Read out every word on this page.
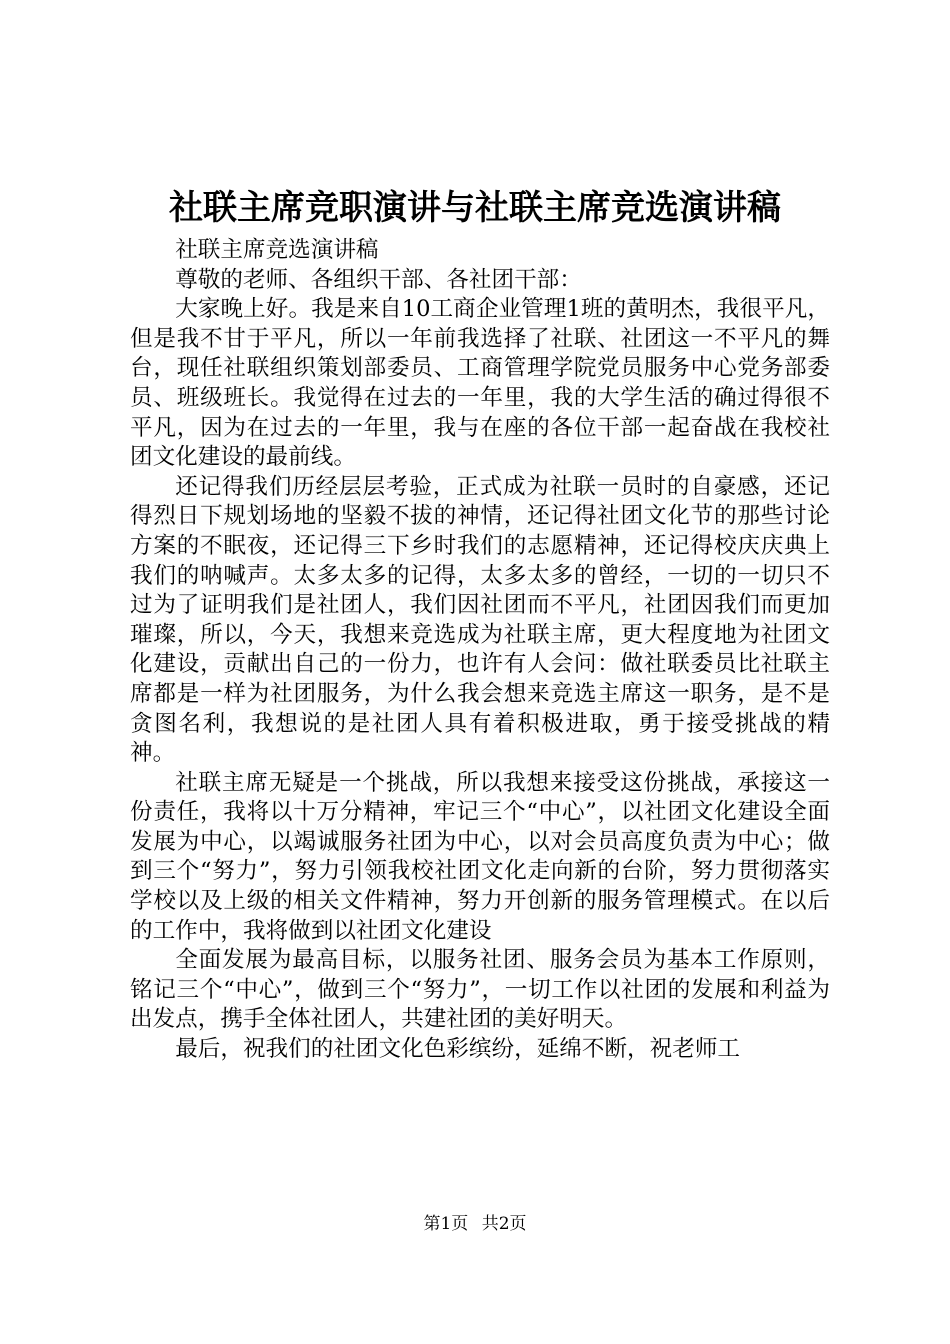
社联主席竞职演讲与社联主席竞选演讲稿

社联主席竞选演讲稿

尊敬的老师、各组织干部、各社团干部：

大家晚上好。我是来自10工商企业管理1班的黄明杰，我很平凡，但是我不甘于平凡，所以一年前我选择了社联、社团这一不平凡的舞台，现任社联组织策划部委员、工商管理学院党员服务中心党务部委员、班级班长。我觉得在过去的一年里，我的大学生活的确过得很不平凡，因为在过去的一年里，我与在座的各位干部一起奋战在我校社团文化建设的最前线。

还记得我们历经层层考验，正式成为社联一员时的自豪感，还记得烈日下规划场地的坚毅不拔的神情，还记得社团文化节的那些讨论方案的不眠夜，还记得三下乡时我们的志愿精神，还记得校庆庆典上我们的呐喊声。太多太多的记得，太多太多的曾经，一切的一切只不过为了证明我们是社团人，我们因社团而不平凡，社团因我们而更加璀璨，所以，今天，我想来竞选成为社联主席，更大程度地为社团文化建设，贡献出自己的一份力，也许有人会问：做社联委员比社联主席都是一样为社团服务，为什么我会想来竞选主席这一职务，是不是贪图名利，我想说的是社团人具有着积极进取，勇于接受挑战的精神。

社联主席无疑是一个挑战，所以我想来接受这份挑战，承接这一份责任，我将以十万分精神，牢记三个“中心”，以社团文化建设全面发展为中心，以竭诚服务社团为中心，以对会员高度负责为中心；做到三个“努力”，努力引领我校社团文化走向新的台阶，努力贯彻落实学校以及上级的相关文件精神，努力开创新的服务管理模式。在以后的工作中，我将做到以社团文化建设

全面发展为最高目标，以服务社团、服务会员为基本工作原则，铭记三个“中心”，做到三个“努力”，一切工作以社团的发展和利益为出发点，携手全体社团人，共建社团的美好明天。

最后，祝我们的社团文化色彩缤纷，延绵不断，祝老师工

第1页 共2页
